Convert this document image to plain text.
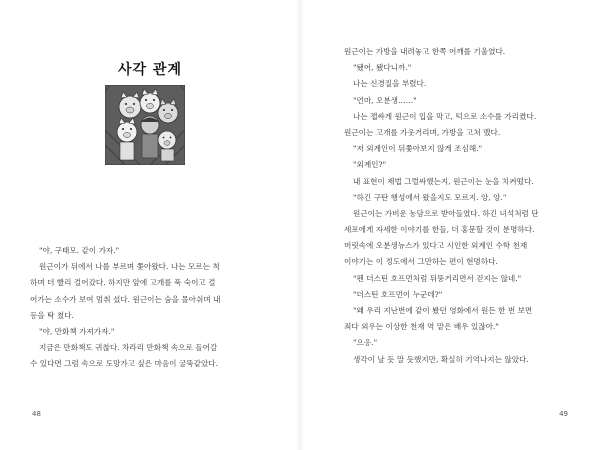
사각 관계

"야, 구태모. 같이 가자."

원근이가 뒤에서 나를 부르며 쫓아왔다. 나는 모르는 척

하며 더 빨리 걸어갔다. 하지만 앞에 고개를 푹 숙이고 걸

어가는 소수가 보여 멈춰 섰다. 원근이는 숨을 몰아쉬며 내

등을 탁 쳤다.

"야, 만화책 가져가자."

지금은 만화책도 귀찮다. 차라리 만화책 속으로 들어갈

수 있다면 그럼 속으로 도망가고 싶은 마음이 굴뚝같았다.

48

원근이는 가방을 내려놓고 한쪽 어깨를 기울였다.

"됐어, 됐다니까."

나는 신경질을 부렸다.

"언마, 오분생……"

나는 잽싸게 원근이 입을 막고, 턱으로 소수를 가리켰다.

원근이는 고개를 가웃거리며, 가방을 고쳐 멨다.

"저 외계인이 뒤쫓아보지 않게 조심해."

"외계인?"

내 표현이 제법 그럴싸했는지, 원근이는 눈을 치켜떴다.

"하긴 구탄 행성에서 왔을지도 모르지. 앙, 앙."

원근이는 가비운 농담으로 받아들였다. 하긴 녀석처럼 단

세포에게 자세한 이야기를 한들, 더 홍문할 것이 분명하다.

머릿속에 오분생뉴스가 있다고 시인한 외계인 수학 천재

이야기는 이 정도에서 그만하는 편이 현명하다.

"펜 더스틴 호프먼처럼 뒤뚱거리면서 걷지는 않네."

"더스틴 호프먼이 누군데?"

"왜 우리 지난번에 같이 봤던 영화에서 원든 한 번 보면

죄다 외우는 이상한 천재 역 맡은 배우 있잖아."

"으응."

생각이 날 듯 말 듯했지만, 확실히 기억나지는 않았다.

49
